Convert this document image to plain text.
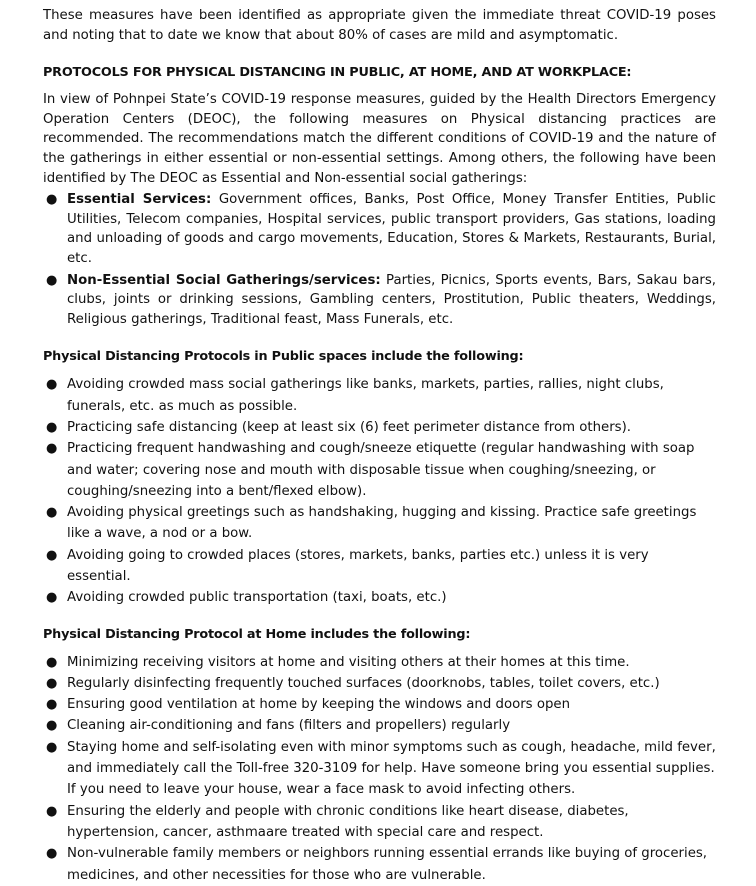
These measures have been identified as appropriate given the immediate threat COVID-19 poses and noting that to date we know that about 80% of cases are mild and asymptomatic.

PROTOCOLS FOR PHYSICAL DISTANCING IN PUBLIC, AT HOME, AND AT WORKPLACE:

In view of Pohnpei State’s COVID-19 response measures, guided by the Health Directors Emergency Operation Centers (DEOC), the following measures on Physical distancing practices are recommended. The recommendations match the different conditions of COVID-19 and the nature of the gatherings in either essential or non-essential settings. Among others, the following have been identified by The DEOC as Essential and Non-essential social gatherings:

● Essential Services: Government offices, Banks, Post Office, Money Transfer Entities, Public Utilities, Telecom companies, Hospital services, public transport providers, Gas stations, loading and unloading of goods and cargo movements, Education, Stores & Markets, Restaurants, Burial, etc.
● Non-Essential Social Gatherings/services: Parties, Picnics, Sports events, Bars, Sakau bars, clubs, joints or drinking sessions, Gambling centers, Prostitution, Public theaters, Weddings, Religious gatherings, Traditional feast, Mass Funerals, etc.
Physical Distancing Protocols in Public spaces include the following:
● Avoiding crowded mass social gatherings like banks, markets, parties, rallies, night clubs, funerals, etc. as much as possible.
● Practicing safe distancing (keep at least six (6) feet perimeter distance from others).
● Practicing frequent handwashing and cough/sneeze etiquette (regular handwashing with soap and water; covering nose and mouth with disposable tissue when coughing/sneezing, or coughing/sneezing into a bent/flexed elbow).
● Avoiding physical greetings such as handshaking, hugging and kissing. Practice safe greetings like a wave, a nod or a bow.
● Avoiding going to crowded places (stores, markets, banks, parties etc.) unless it is very essential.
● Avoiding crowded public transportation (taxi, boats, etc.)
Physical Distancing Protocol at Home includes the following:
● Minimizing receiving visitors at home and visiting others at their homes at this time.
● Regularly disinfecting frequently touched surfaces (doorknobs, tables, toilet covers, etc.)
● Ensuring good ventilation at home by keeping the windows and doors open
● Cleaning air-conditioning and fans (filters and propellers) regularly
● Staying home and self-isolating even with minor symptoms such as cough, headache, mild fever, and immediately call the Toll-free 320-3109 for help. Have someone bring you essential supplies. If you need to leave your house, wear a face mask to avoid infecting others.
● Ensuring the elderly and people with chronic conditions like heart disease, diabetes, hypertension, cancer, asthmaare treated with special care and respect.
● Non-vulnerable family members or neighbors running essential errands like buying of groceries, medicines, and other necessities for those who are vulnerable.
